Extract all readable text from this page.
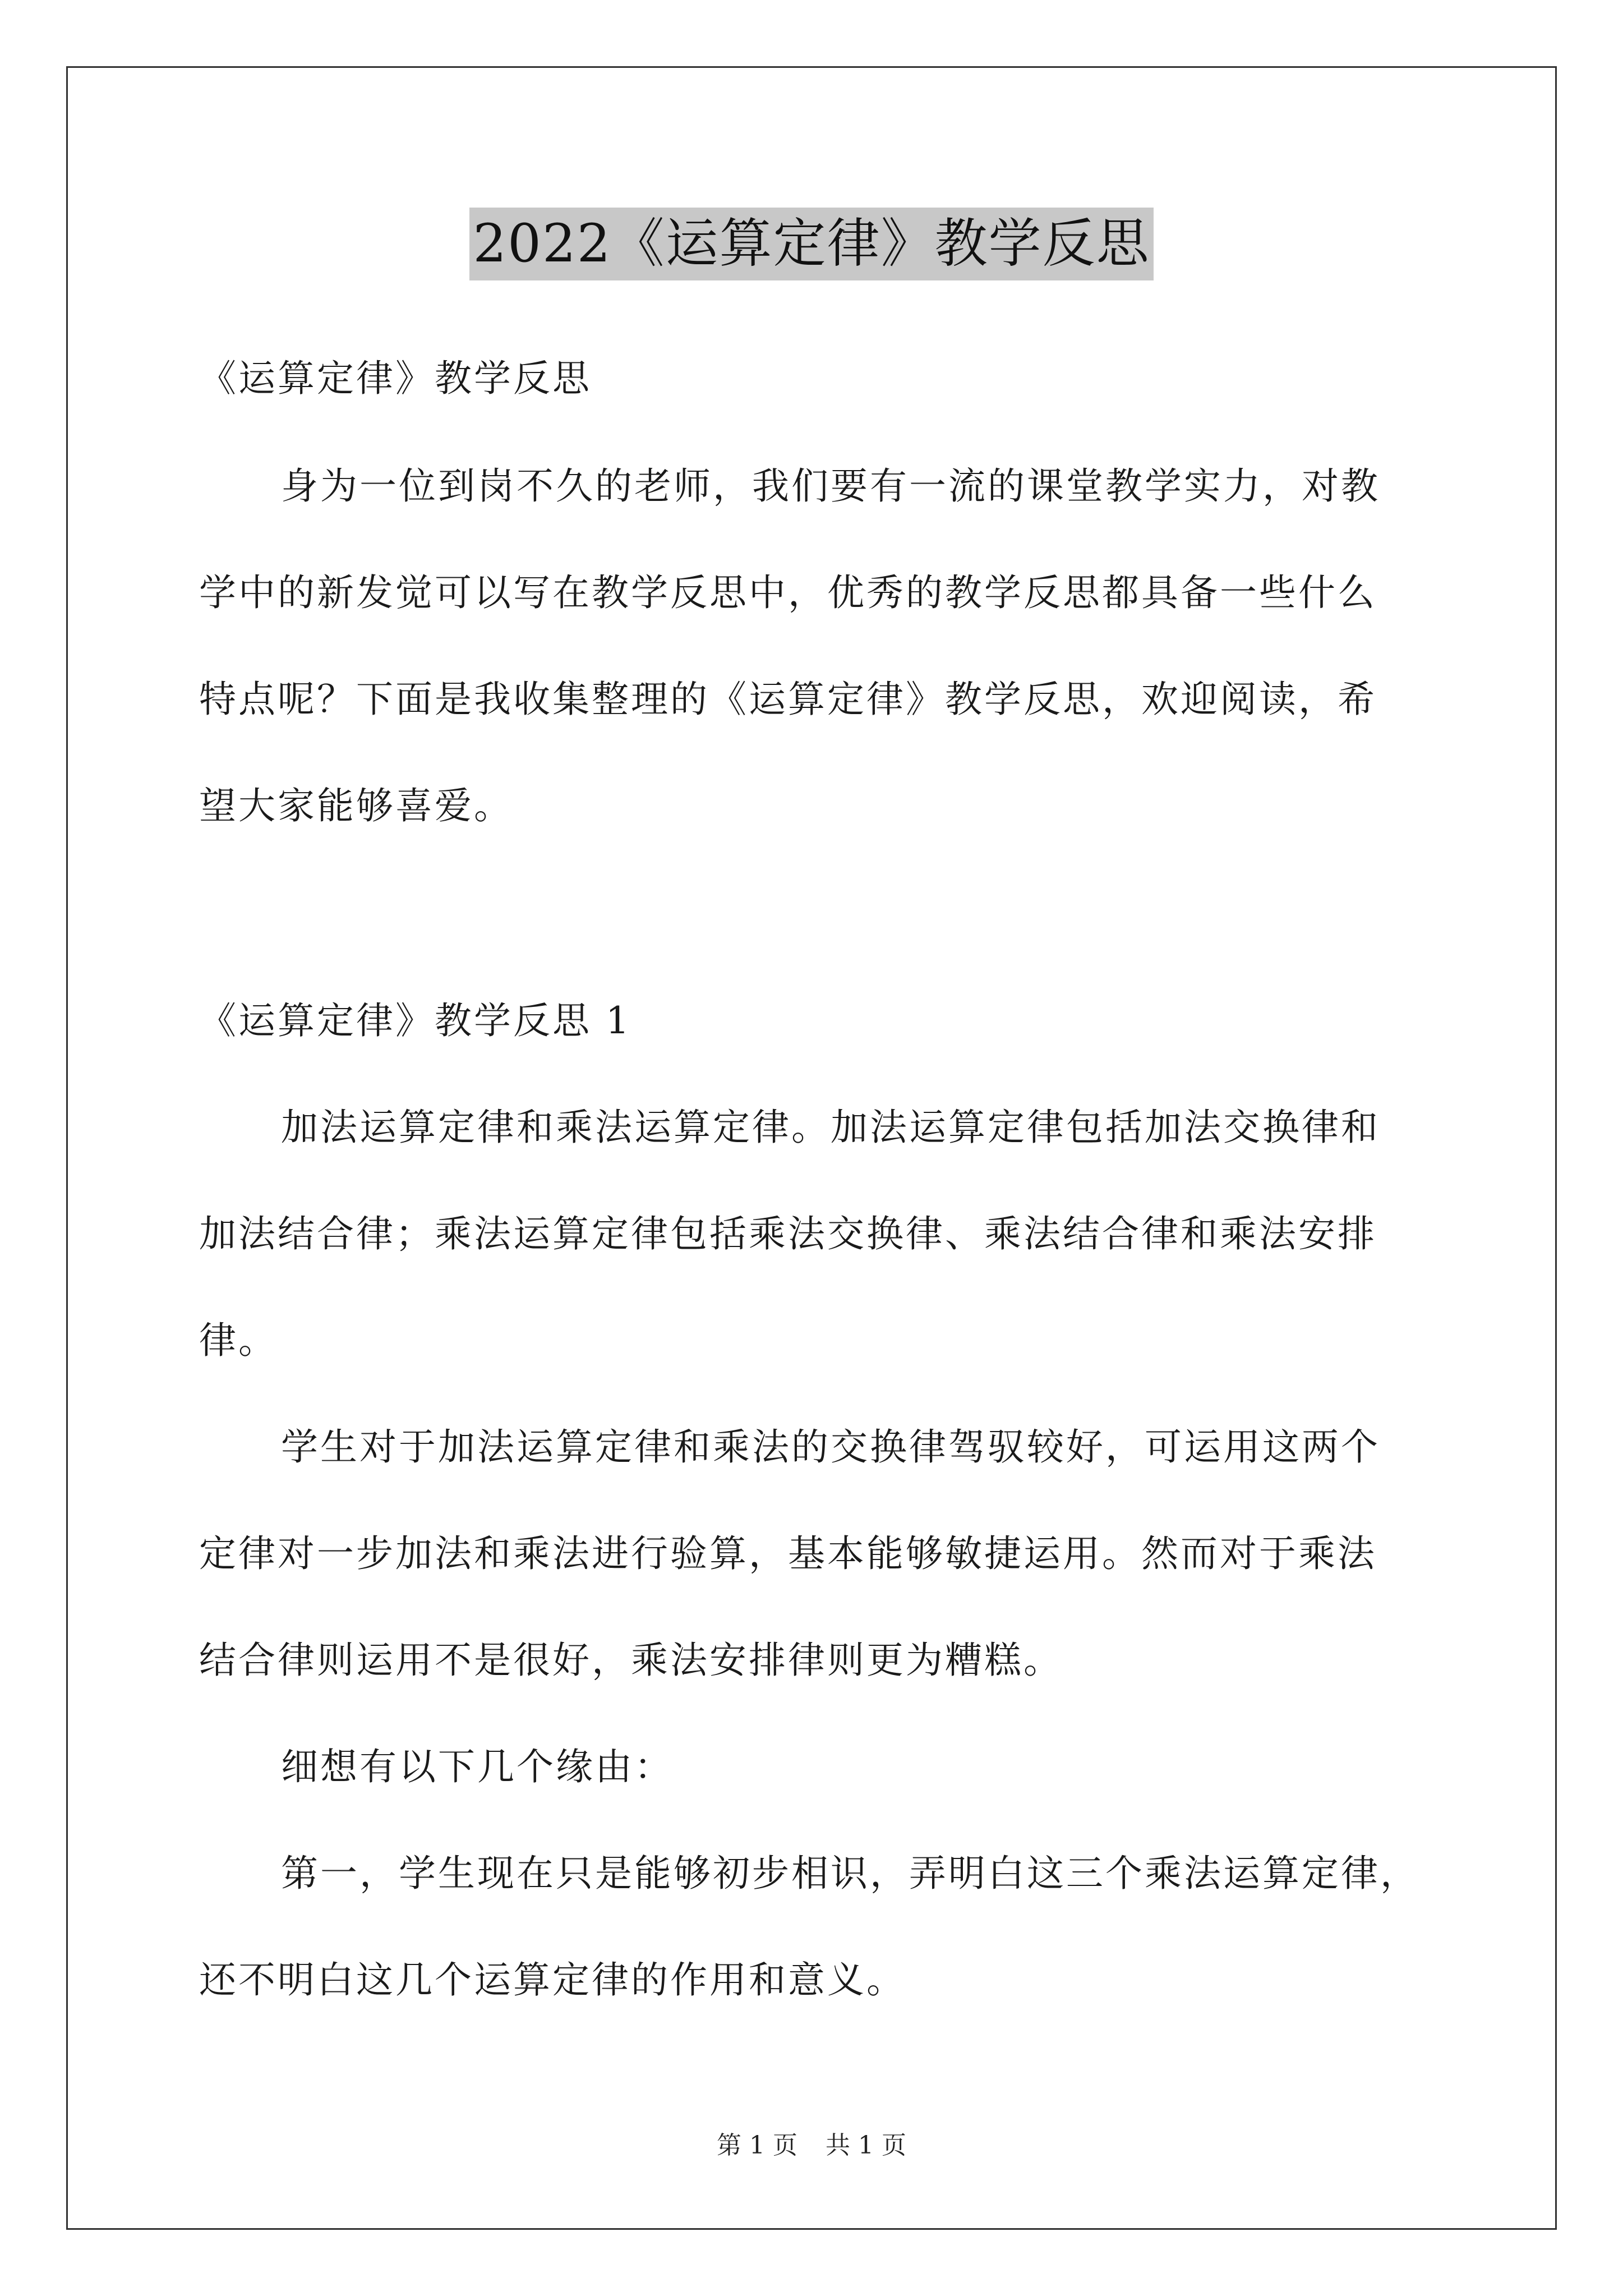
2022《运算定律》教学反思
《运算定律》教学反思
身为一位到岗不久的老师，我们要有一流的课堂教学实力，对教
学中的新发觉可以写在教学反思中，优秀的教学反思都具备一些什么
特点呢？下面是我收集整理的《运算定律》教学反思，欢迎阅读，希
望大家能够喜爱。
《运算定律》教学反思 1
加法运算定律和乘法运算定律。加法运算定律包括加法交换律和
加法结合律；乘法运算定律包括乘法交换律、乘法结合律和乘法安排
律。
学生对于加法运算定律和乘法的交换律驾驭较好，可运用这两个
定律对一步加法和乘法进行验算，基本能够敏捷运用。然而对于乘法
结合律则运用不是很好，乘法安排律则更为糟糕。
细想有以下几个缘由：
第一，学生现在只是能够初步相识，弄明白这三个乘法运算定律，
还不明白这几个运算定律的作用和意义。
第 1 页 共 1 页
